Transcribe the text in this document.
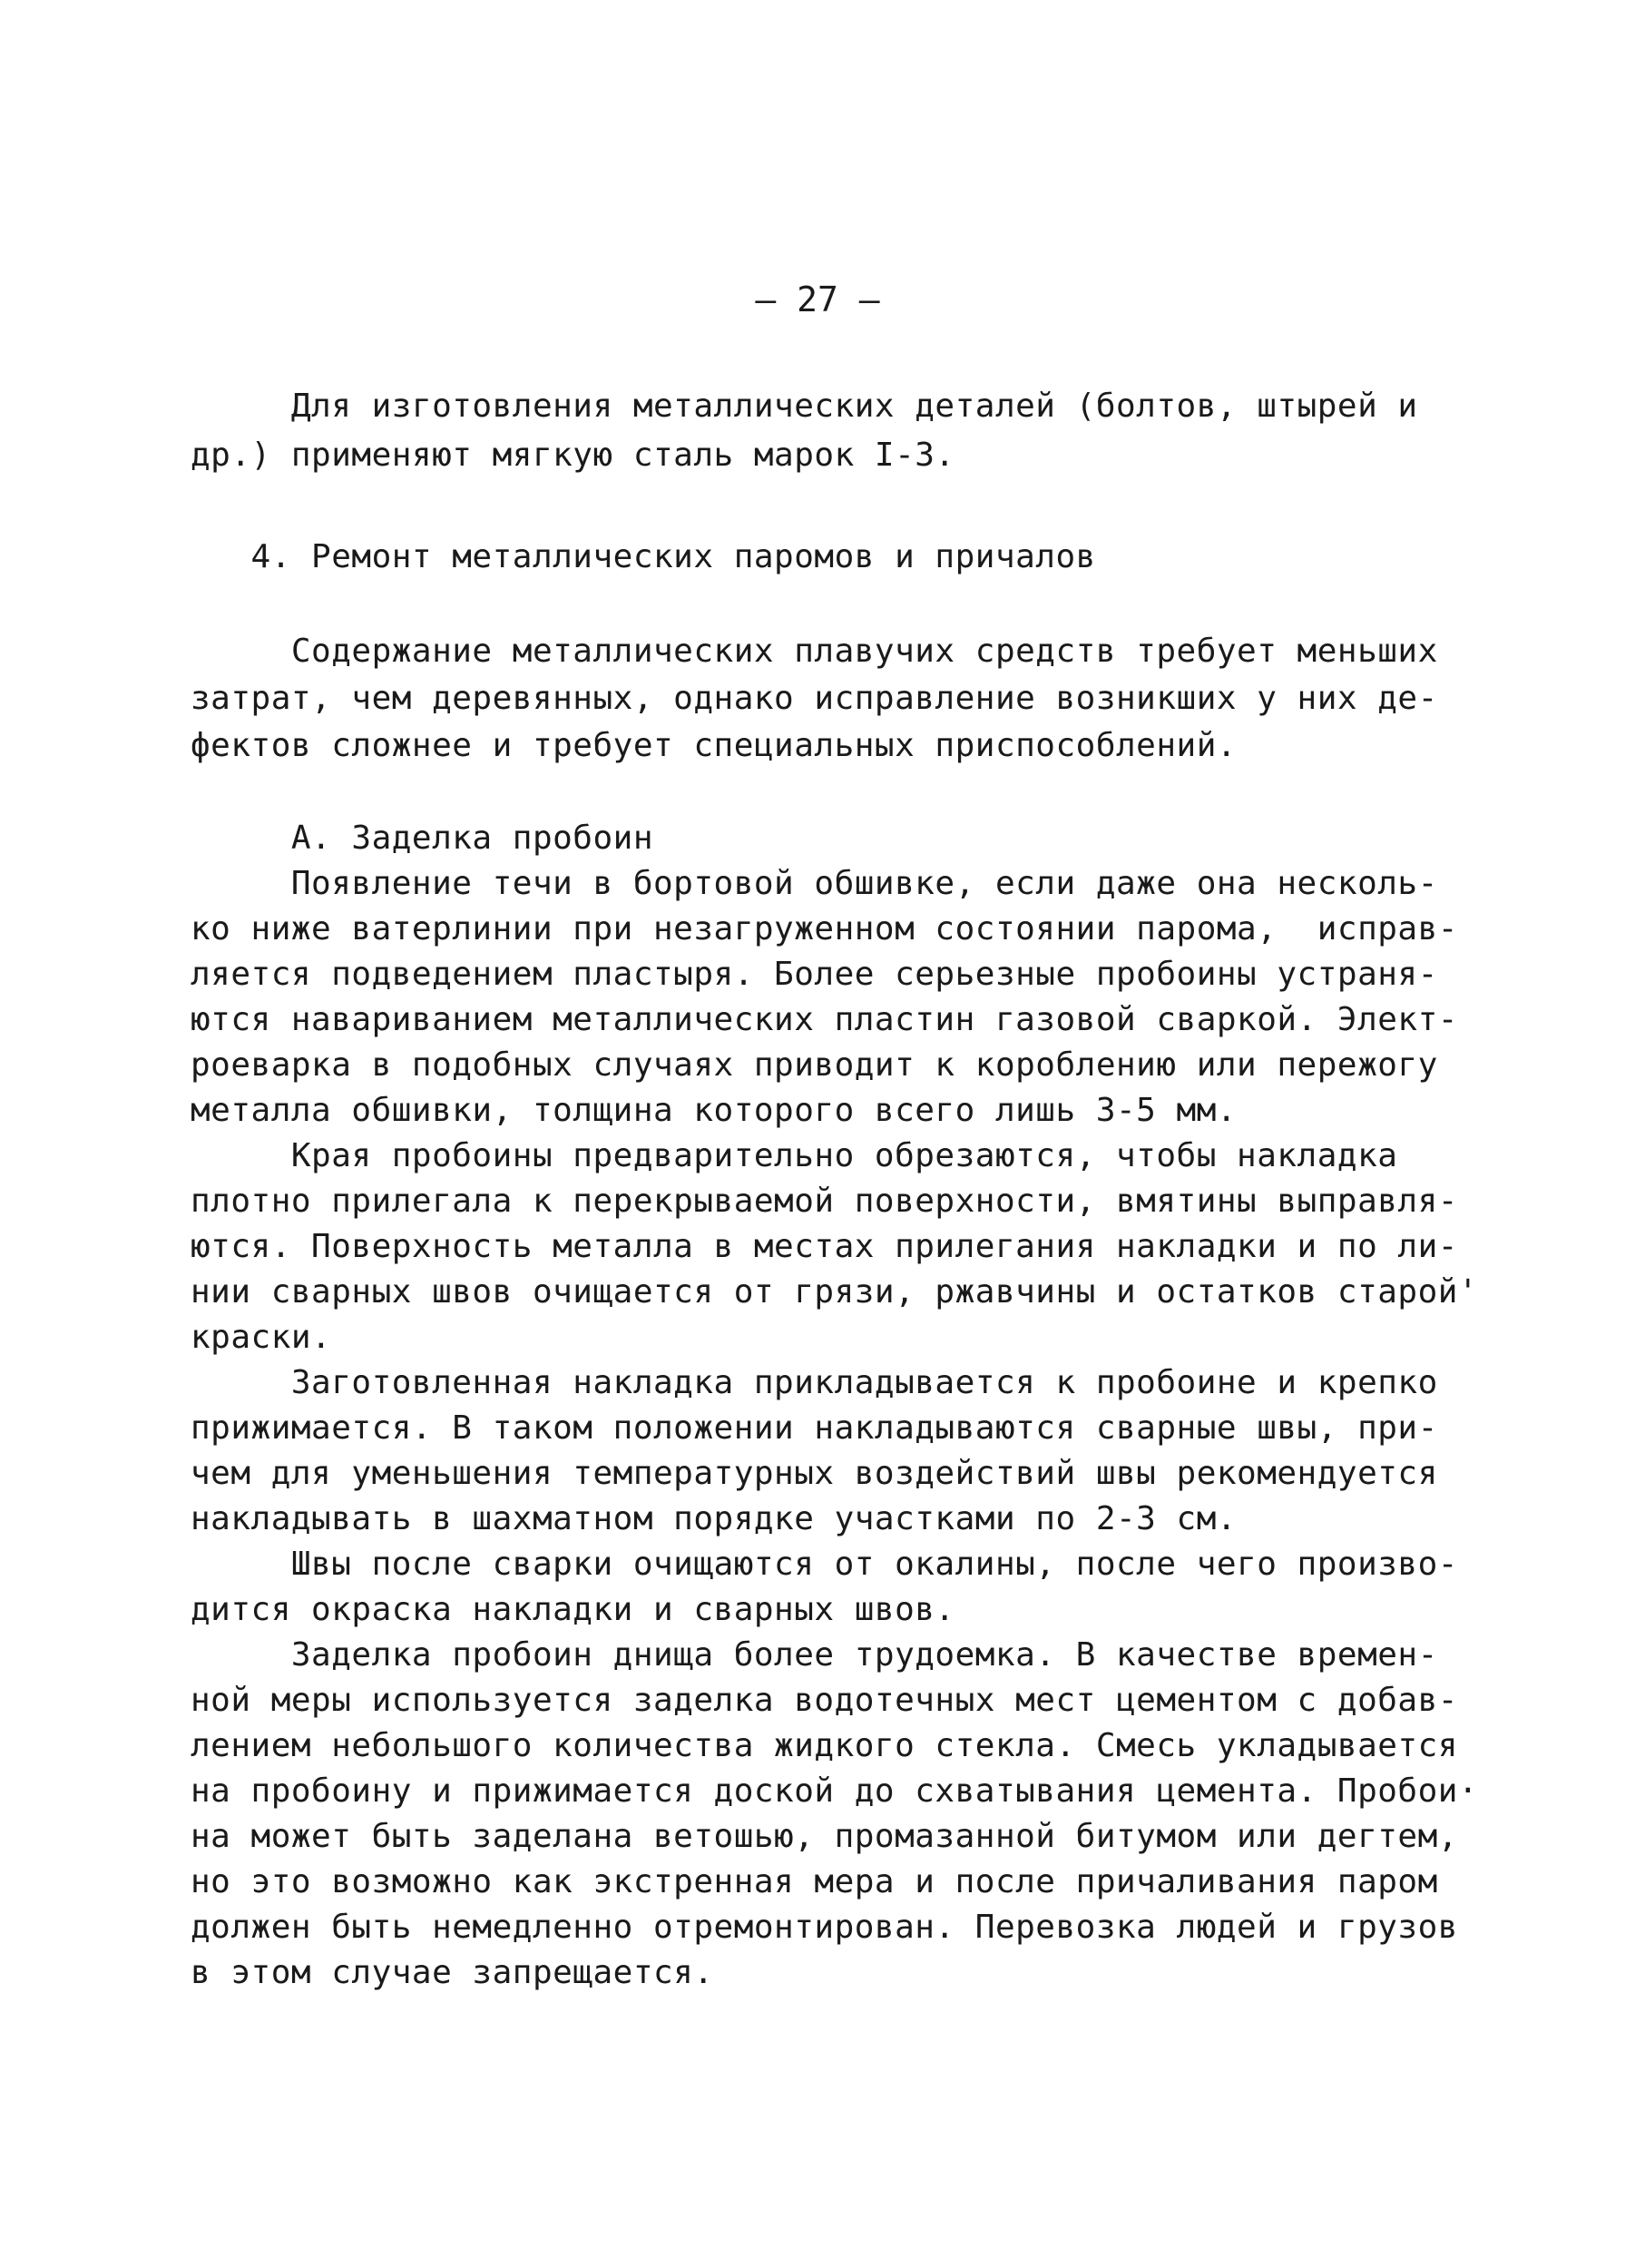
— 27 —
Для изготовления металлических деталей (болтов, штырей и
др.) применяют мягкую сталь марок I-3.
4. Ремонт металлических паромов и причалов
Содержание металлических плавучих средств требует меньших
затрат, чем деревянных, однако исправление возникших у них де-
фектов сложнее и требует специальных приспособлений.
А. Заделка пробоин
Появление течи в бортовой обшивке, если даже она несколь-
ко ниже ватерлинии при незагруженном состоянии парома,  исправ-
ляется подведением пластыря. Более серьезные пробоины устраня-
ются навариванием металлических пластин газовой сваркой. Элект-
роеварка в подобных случаях приводит к короблению или пережогу
металла обшивки, толщина которого всего лишь 3-5 мм.
Края пробоины предварительно обрезаются, чтобы накладка
плотно прилегала к перекрываемой поверхности, вмятины выправля-
ются. Поверхность металла в местах прилегания накладки и по ли-
нии сварных швов очищается от грязи, ржавчины и остатков старой'
краски.
Заготовленная накладка прикладывается к пробоине и крепко
прижимается. В таком положении накладываются сварные швы, при-
чем для уменьшения температурных воздействий швы рекомендуется
накладывать в шахматном порядке участками по 2-3 см.
Швы после сварки очищаются от окалины, после чего произво-
дится окраска накладки и сварных швов.
Заделка пробоин днища более трудоемка. В качестве времен-
ной меры используется заделка водотечных мест цементом с добав-
лением небольшого количества жидкого стекла. Смесь укладывается
на пробоину и прижимается доской до схватывания цемента. Пробои·
на может быть заделана ветошью, промазанной битумом или дегтем,
но это возможно как экстренная мера и после причаливания паром
должен быть немедленно отремонтирован. Перевозка людей и грузов
в этом случае запрещается.
